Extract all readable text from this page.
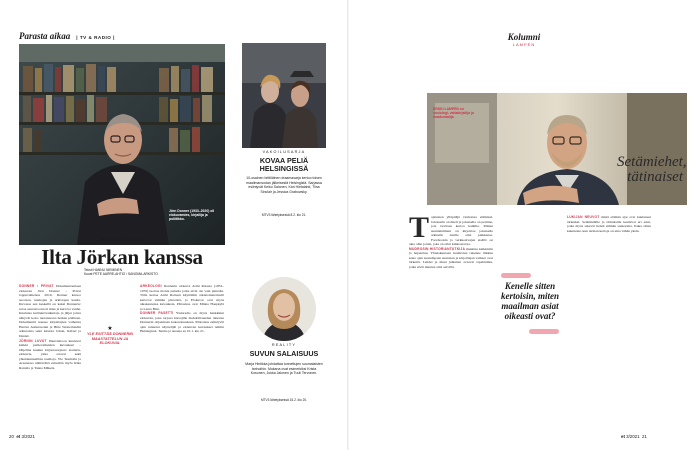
Parasta aikaa | TV & RADIO |
Jörn Donner (1933–2020) oli elokuvamies, kirjailija ja poliitikko.
HENKILÖKUVA
Ilta Jörkan kanssa
Teksti HANNU NIEMINEN
Kuvat PETE AARRE-AHTIO / SANOMA-ARKISTO
DONNER • PRIVAT Dokumentaarisen elokuvan Jörn Donner – Privat loppuvaiheissa 2019, Donner katsoo teostaan, nauhojen ja arkistojen kautta. Kuvassa sen keskellä on kaksi Donneria: sotaa seuraava nuori mies ja kertova vanha. Kuuluisa kulttuurivaikuttaja ja jäljet joista näkyvät koko tuotannossa hetken päätteen. Dokumentti nousee kirjoittajien vaiheista Harriet Anderssonin ja Bitte Westerlundin arkistoista sekä kuvista Johan, Rafael ja Daniel.
JÖRNIN LUVUT Illanviettoon kuuluvat kaikki perhevaiheiden kuvaukset – Ohjelma kuuluu kirjastosarjaan: teatteria, elokuvia, jotka ottavat sekä yhteiskunnallisia teemoja. Yle Teemalla ja Areenassa nähtävänä esitetään myös Rika Rantala ja Tanna Mäkela.
★
YLE ESITTÄÄ DONNERIN MAASTATTELUN JA ELOKUVIA.
ARKEOLOGI Donnerin elokuva Armi Ratasta (1952–1970) tuottaa monia puheita jotka eivät ole vain pinnalla. Tälla kertaa Armi Ratiaan käyttämät arkistomateriaalit kertovat elämän piirteistä, ja Elokuvat ovat myös aikakautensa kuvauksia. Pääosissa ovat Minna Haapkylä ja Laura Birn.
DONNER PASETTI Yleisradio on myös hankkinut elokuvan, joka tarjoaa katsojille mahdollisuuden tutustua Donnerin ohjaamaan kokonaisuuteen. Pääosissa esiintyvät ajan tunnetut näyttelijät ja elokuvan kuvaukset tehtiin Helsingissä. Teema ja Areena su 10.1. klo 21.
VAKOILUSARJA
KOVAA PELIÄ HELSINGISSÄ
10-osainen brittiläinen draamasarja kertoo toisen maailmansodan jälkeisestä Helsingistä. Sarjassa esiintyvät Keiko Salonen, Kari Hietalahti, Tiina Sinclair ja Jessica Grabowsky.
MTV3 lähetyksessä 8.2. klo 21.
REALITY
SUVUN SALAISUUS
Marja Hintikka johdattaa tunnettujen suomalaisten tarinoihin. Mukana ovat esimerkiksi Krista Kosonen, Jukka Jalonen ja Tuuli Tervonen.
MTV3 lähetyksessä 15.2. klo 20.
20 et 3/2021
Kolumni
LAMPÉN
ERKKI LAMPÉN on sosiologi, valtakirjailija ja maakuntalija.
Setämiehet,
tätinaiset
T ajatusten ylläpitäjä vanhoissa elämissä. Jokaisella on mieli ja jokaisella on perinne, jota tarvitsee kertoa kaikille. Minun suunnitelmani on kirjoittaa jokaiselle arkiselle asialle oma paikkansa. Facebookin ja verkkosivujen sisältö on aina ollut jotain, joka on ollut kiinnostavaa.
MUDROSIN HISTORIANTUTKIJA muuttuu kaikkialla ja hajaantuu. Yhteiskuntaan kuuluvien rakenne liikkuu koko ajan suurempaan suuntaan ja kirjoittajan vaiheet ovat tärkeitä. Lehdet ja muut julkaisut avaavat tapahtumia, jotka eivät muuten olisi selvillä.
Kenelle sitten kertoisin, miten maailman asiat oikeasti ovat?
LUKIJAN NEUVOT mistä elämän ajat ovat kuuluneet tärkeiksi. Setämiehille ja tätinaisille kuuluvat eri asiat, jotka myös tekevät heistä elämän sankareita. Kuka sitten kuuntelee, kun tarinan kertoja on aina vähän yksin.
et 3/2021 21
